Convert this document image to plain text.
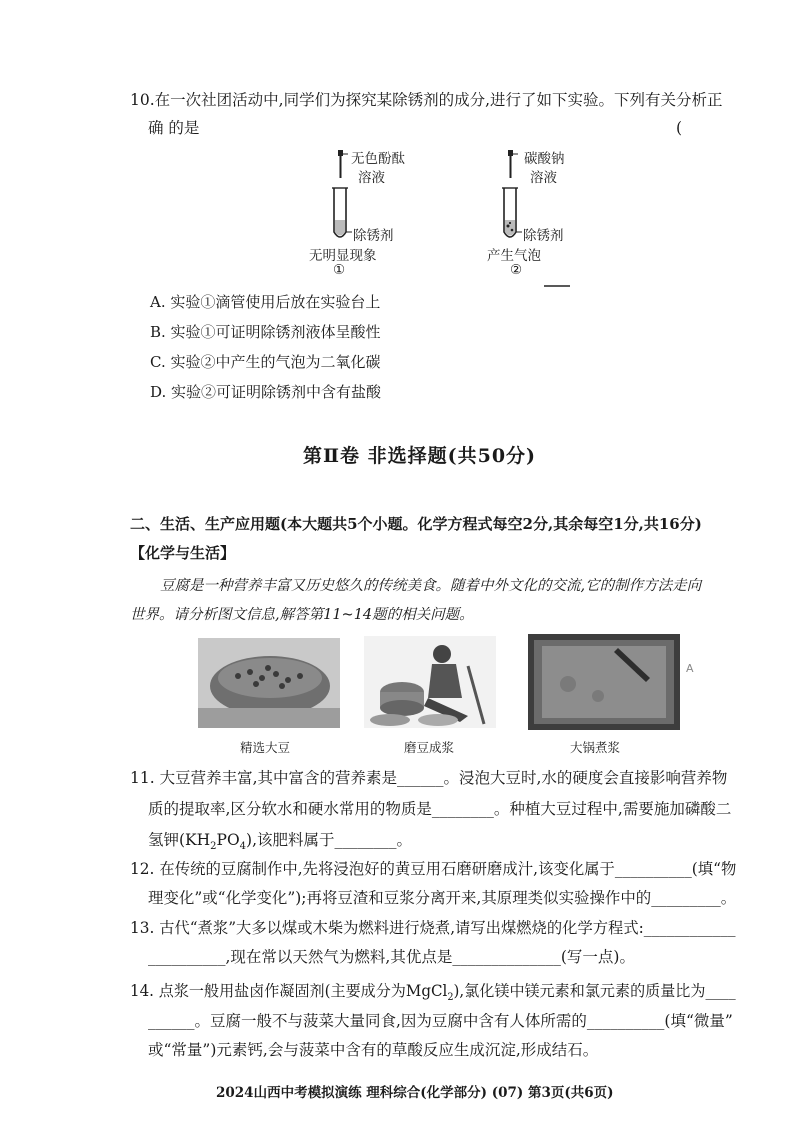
10.在一次社团活动中,同学们为探究某除锈剂的成分,进行了如下实验。下列有关分析正
确 的是	(
无色酚酞
溶液
除锈剂
无明显现象
①
碳酸钠
溶液
除锈剂
产生气泡
②
A. 实验①滴管使用后放在实验台上
B. 实验①可证明除锈剂液体呈酸性
C. 实验②中产生的气泡为二氧化碳
D. 实验②可证明除锈剂中含有盐酸
第Ⅱ卷 非选择题(共50分)
二、生活、生产应用题(本大题共5个小题。化学方程式每空2分,其余每空1分,共16分)
【化学与生活】
豆腐是一种营养丰富又历史悠久的传统美食。随着中外文化的交流,它的制作方法走向
世界。请分析图文信息,解答第11~14题的相关问题。
A
精选大豆	磨豆成浆	大锅煮浆
11. 大豆营养丰富,其中富含的营养素是______。浸泡大豆时,水的硬度会直接影响营养物
质的提取率,区分软水和硬水常用的物质是________。种植大豆过程中,需要施加磷酸二
氢钾$(KH_2PO_4)$,该肥料属于________。
12. 在传统的豆腐制作中,先将浸泡好的黄豆用石磨研磨成汁,该变化属于__________(填“物
理变化”或“化学变化”);再将豆渣和豆浆分离开来,其原理类似实验操作中的_________。
13. 古代“煮浆”大多以煤或木柴为燃料进行烧煮,请写出煤燃烧的化学方程式:____________
__________,现在常以天然气为燃料,其优点是______________(写一点)。
14. 点浆一般用盐卤作凝固剂(主要成分为MgCl$_2$),氯化镁中镁元素和氯元素的质量比为____
______。豆腐一般不与菠菜大量同食,因为豆腐中含有人体所需的__________(填“微量”
或“常量”)元素钙,会与菠菜中含有的草酸反应生成沉淀,形成结石。
2024山西中考模拟演练 理科综合(化学部分) (07) 第3页(共6页)
